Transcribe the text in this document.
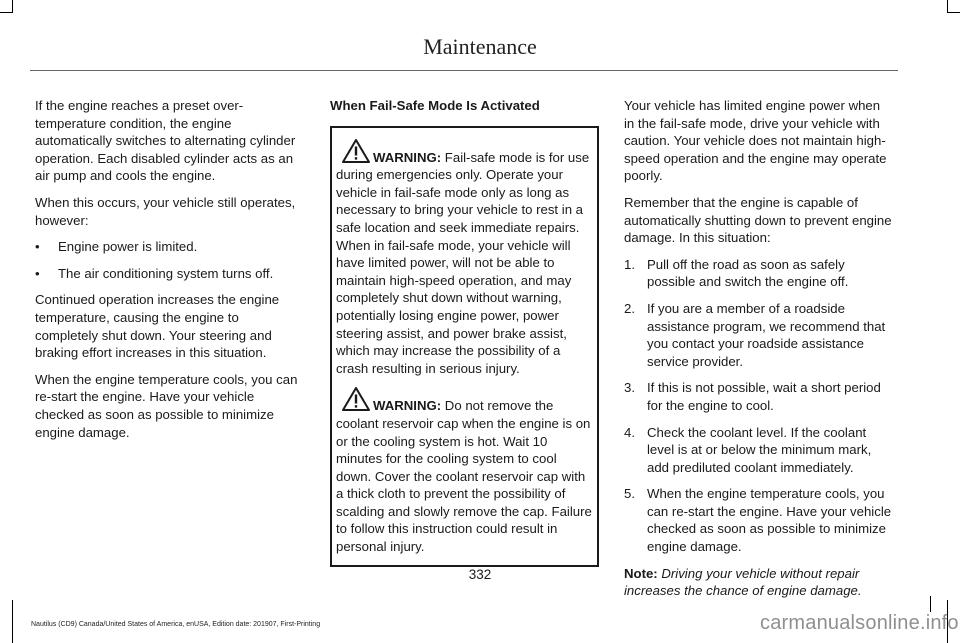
Maintenance

If the engine reaches a preset over-temperature condition, the engine automatically switches to alternating cylinder operation. Each disabled cylinder acts as an air pump and cools the engine.

When this occurs, your vehicle still operates, however:

• Engine power is limited.
• The air conditioning system turns off.

Continued operation increases the engine temperature, causing the engine to completely shut down. Your steering and braking effort increases in this situation.

When the engine temperature cools, you can re-start the engine. Have your vehicle checked as soon as possible to minimize engine damage.

When Fail-Safe Mode Is Activated

WARNING: Fail-safe mode is for use during emergencies only. Operate your vehicle in fail-safe mode only as long as necessary to bring your vehicle to rest in a safe location and seek immediate repairs. When in fail-safe mode, your vehicle will have limited power, will not be able to maintain high-speed operation, and may completely shut down without warning, potentially losing engine power, power steering assist, and power brake assist, which may increase the possibility of a crash resulting in serious injury.

WARNING: Do not remove the coolant reservoir cap when the engine is on or the cooling system is hot. Wait 10 minutes for the cooling system to cool down. Cover the coolant reservoir cap with a thick cloth to prevent the possibility of scalding and slowly remove the cap. Failure to follow this instruction could result in personal injury.

Your vehicle has limited engine power when in the fail-safe mode, drive your vehicle with caution. Your vehicle does not maintain high-speed operation and the engine may operate poorly.

Remember that the engine is capable of automatically shutting down to prevent engine damage. In this situation:

1. Pull off the road as soon as safely possible and switch the engine off.
2. If you are a member of a roadside assistance program, we recommend that you contact your roadside assistance service provider.
3. If this is not possible, wait a short period for the engine to cool.
4. Check the coolant level. If the coolant level is at or below the minimum mark, add prediluted coolant immediately.
5. When the engine temperature cools, you can re-start the engine. Have your vehicle checked as soon as possible to minimize engine damage.

Note: Driving your vehicle without repair increases the chance of engine damage.

332
Nautilus (CD9) Canada/United States of America, enUSA, Edition date: 201907, First-Printing	carmanualsonline.info
